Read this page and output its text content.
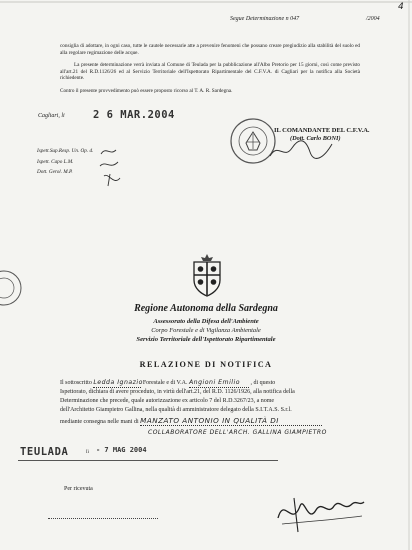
Segue Determinazione n 047	/2004
4
consiglia di adottare, in ogni caso, tutte le cautele necessarie atte a prevenire fenomeni che possano creare pregiudizio alla stabilità del suolo ed alla regolare regimazione delle acque.
La presente determinazione verrà inviata al Comune di Teulada per la pubblicazione all'Albo Pretorio per 15 giorni, così come previsto all'art.21 del R.D.1126/26 ed al Servizio Territoriale dell'Ispettorato Ripartimentale del C.F.V.A. di Cagliari per la notifica alla Società richiedente.
Contro il presente provvedimento può essere proposto ricorso al T. A. R. Sardegna.
Cagliari, li	2 6 MAR.2004
IL COMANDANTE DEL C.F.V.A.
(Dott. Carlo BONI)
Ispett.Sup.Resp. Un. Op. d.
Ispett. Capo L.M.
Dott. Gerol. M.P.
Regione Autonoma della Sardegna
Assessorato della Difesa dell'Ambiente
Corpo Forestale e di Vigilanza Ambientale
Servizio Territoriale dell'Ispettorato Ripartimentale
RELAZIONE DI NOTIFICA
Il sottoscritto Ledda Ignazio Forestale e di V.A. Angioni Emilio , di questo
Ispettorato, dichiara di avere proceduto, in virtù dell'art.21, del R.D. 1126/1926, alla notifica della
Determinazione che precede, quale autorizzazione ex articolo 7 del R.D.3267/23, a nome
dell'Architetto Giampietro Gallina, nella qualità di amministratore delegato della S.I.T.A.S. S.r.l.
mediante consegna nelle mani di MANZATO ANTONIO IN QUALITÀ DI
COLLABORATORE DELL'ARCH. GALLINA GIAMPIETRO
TEULADA	lì - 7 MAG 2004
Per ricevuta
